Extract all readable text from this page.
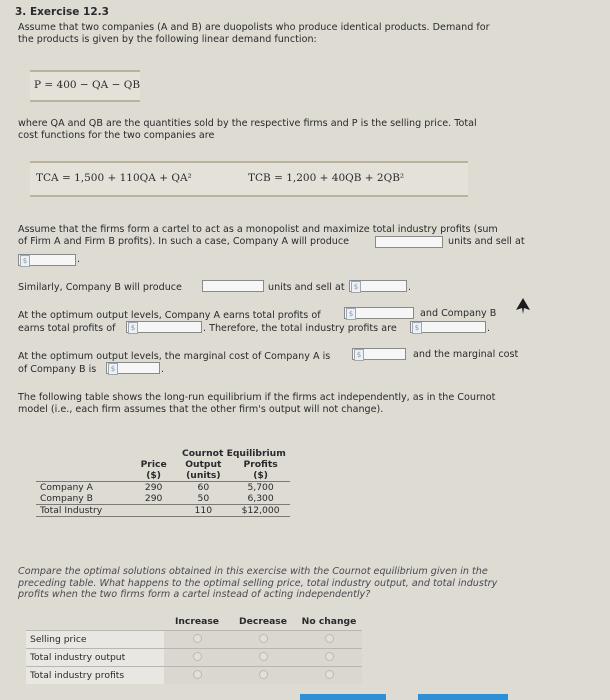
3. Exercise 12.3
Assume that two companies (A and B) are duopolists who produce identical products. Demand for
the products is given by the following linear demand function:
P = 400 − QA − QB
where QA and QB are the quantities sold by the respective firms and P is the selling price. Total
cost functions for the two companies are
TCA = 1,500 + 110QA + QA²	TCB = 1,200 + 40QB + 2QB²
Assume that the firms form a cartel to act as a monopolist and maximize total industry profits (sum
of Firm A and Firm B profits). In such a case, Company A will produce	units and sell at
$	.
Similarly, Company B will produce	units and sell at	$	.
At the optimum output levels, Company A earns total profits of	$	and Company B
earns total profits of	$	. Therefore, the total industry profits are	$	.
At the optimum output levels, the marginal cost of Company A is	$	and the marginal cost
of Company B is	$	.
The following table shows the long-run equilibrium if the firms act independently, as in the Cournot
model (i.e., each firm assumes that the other firm's output will not change).
	Cournot Equilibrium		
	Price	Output	Profits
	($)	(units)	($)
Company A	290	60	5,700
Company B	290	50	6,300
Total Industry		110	$12,000
Compare the optimal solutions obtained in this exercise with the Cournot equilibrium given in the
preceding table. What happens to the optimal selling price, total industry output, and total industry
profits when the two firms form a cartel instead of acting independently?
	Increase	Decrease	No change
Selling price			
Total industry output			
Total industry profits			
